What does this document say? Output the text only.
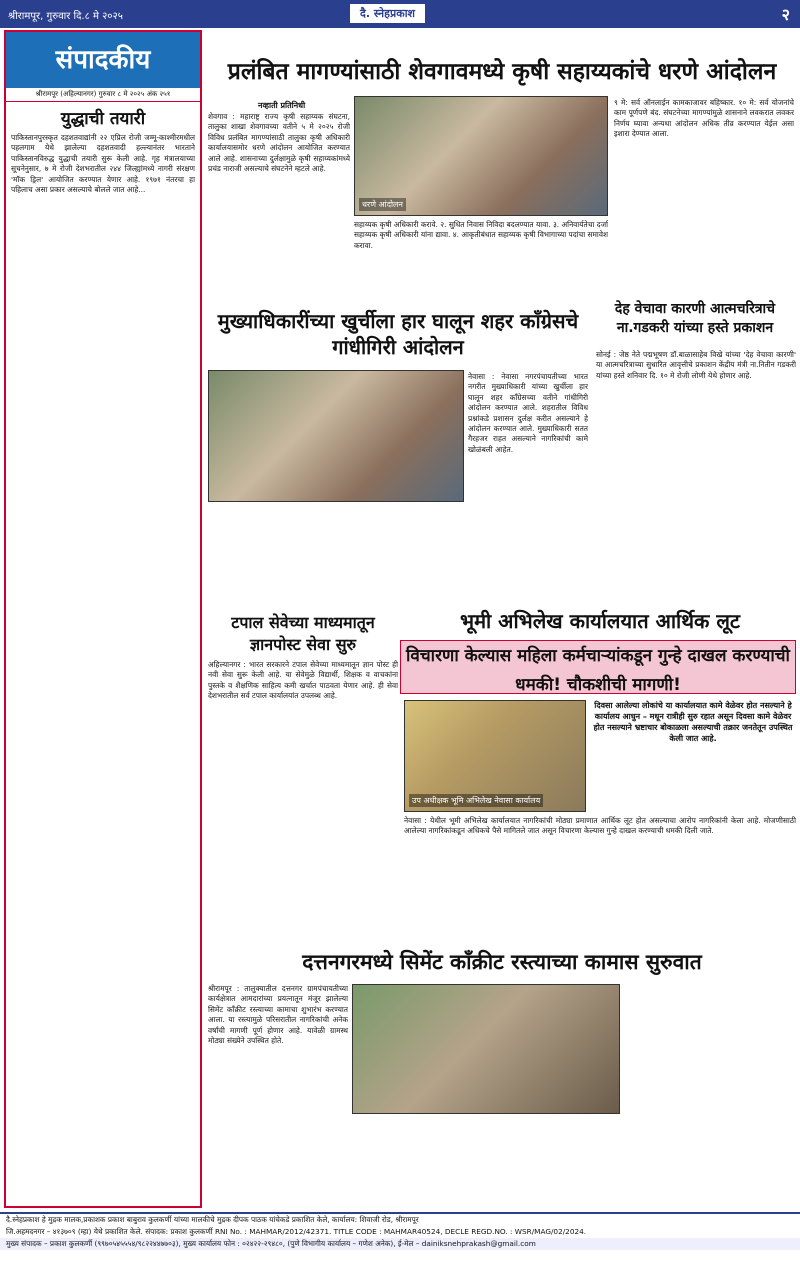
श्रीरामपूर, गुरुवार दि.८ मे २०२५	दै. स्नेहप्रकाश	२
संपादकीय
श्रीरामपूर (अहिल्यानगर) गुरुवार ८ मे २०२५ अंक २५१
युद्धाची तयारी
पाकिस्तानपुरस्कृत दहशतवाद्यांनी २२ एप्रिल रोजी जम्मू-काश्मीरमधील पहलगाम येथे झालेल्या दहशतवादी हल्ल्यानंतर भारताने पाकिस्तानविरुद्ध युद्धाची तयारी सुरू केली आहे. गृह मंत्रालयाच्या सूचनेनुसार, ७ मे रोजी देशभरातील २४४ जिल्ह्यांमध्ये नागरी संरक्षण 'मॉक ड्रिल' आयोजित करण्यात येणार आहे. १९७१ नंतरचा हा पहिलाच असा प्रकार असल्याचे बोलले जात आहे...
प्रलंबित मागण्यांसाठी शेवगावमध्ये कृषी सहाय्यकांचे धरणे आंदोलन
नव्हाती प्रतिनिधी
शेवगाव : महाराष्ट्र राज्य कृषी सहाय्यक संघटना, तालुका शाखा शेवगावच्या वतीने ५ मे २०२५ रोजी विविध प्रलंबित मागण्यांसाठी तालुका कृषी अधिकारी कार्यालयासमोर धरणे आंदोलन आयोजित करण्यात आले आहे. शासनाच्या दुर्लक्षामुळे कृषी सहाय्यकांमध्ये प्रचंड नाराजी असल्याचे संघटनेने म्हटले आहे.
धरणे आंदोलन
सहाय्यक कृषी अधिकारी करावे. २. सुधित निवास निविदा बदलण्यात यावा. ३. अनिवार्यतेचा दर्जा सहाय्यक कृषी अधिकारी यांना द्यावा. ४. आकृतीबंधात सहाय्यक कृषी विभागाच्या पदांचा समावेश करावा.
९ मे: सर्व ऑनलाईन कामकाजावर बहिष्कार. १० मे: सर्व योजनांचे काम पूर्णपणे बंद. संघटनेच्या मागण्यांमुळे शासनाने लवकरात लवकर निर्णय घ्यावा अन्यथा आंदोलन अधिक तीव्र करण्यात येईल असा इशारा देण्यात आला.
मुख्याधिकारींच्या खुर्चीला हार घालून शहर काँग्रेसचे गांधीगिरी आंदोलन
नेवासा : नेवासा नगरपंचायतीच्या भारत नगरीत मुख्याधिकारी यांच्या खुर्चीला हार घालून शहर काँग्रेसच्या वतीने गांधीगिरी आंदोलन करण्यात आले. शहरातील विविध प्रश्नांकडे प्रशासन दुर्लक्ष करीत असल्याने हे आंदोलन करण्यात आले. मुख्याधिकारी सतत गैरहजर राहत असल्याने नागरिकांची कामे खोळंबली आहेत.
देह वेचावा कारणी आत्मचरित्राचे ना.गडकरी यांच्या हस्ते प्रकाशन
सोनई : जेष्ठ नेते पद्मभूषण डॉ.बाळासाहेब विखे यांच्या 'देह वेचावा कारणी' या आत्मचरित्राच्या सुधारित आवृत्तीचे प्रकाशन केंद्रीय मंत्री ना.नितीन गडकरी यांच्या हस्ते शनिवार दि. १० मे रोजी लोणी येथे होणार आहे.
टपाल सेवेच्या माध्यमातून ज्ञानपोस्ट सेवा सुरु
अहिल्यानगर : भारत सरकारने टपाल सेवेच्या माध्यमातून ज्ञान पोस्ट ही नवी सेवा सुरू केली आहे. या सेवेमुळे विद्यार्थी, शिक्षक व वाचकांना पुस्तके व शैक्षणिक साहित्य कमी खर्चात पाठवता येणार आहे. ही सेवा देशभरातील सर्व टपाल कार्यालयांत उपलब्ध आहे.
भूमी अभिलेख कार्यालयात आर्थिक लूट
विचारणा केल्यास महिला कर्मचाऱ्यांकडून गुन्हे दाखल करण्याची धमकी! चौकशीची मागणी!
उप अधीक्षक भूमि अभिलेख नेवासा कार्यालय
दिवसा आलेल्या लोकांचे या कार्यालयात कामे वेळेवर होत नसल्याने हे कार्यालय आधुन – मधून रात्रीही सुरु रहात असून दिवसा कामे वेळेवर होत नसल्याने भ्रष्टाचार बोकाळला असल्याची तक्रार जनतेतून उपस्थित केली जात आहे.
नेवासा : येथील भूमी अभिलेख कार्यालयात नागरिकांची मोठ्या प्रमाणात आर्थिक लूट होत असल्याचा आरोप नागरिकांनी केला आहे. मोजणीसाठी आलेल्या नागरिकांकडून अधिकचे पैसे मागितले जात असून विचारणा केल्यास गुन्हे दाखल करण्याची धमकी दिली जाते.
दत्तनगरमध्ये सिमेंट काँक्रीट रस्त्याच्या कामास सुरुवात
श्रीरामपूर : तालुक्यातील दत्तनगर ग्रामपंचायतीच्या कार्यक्षेत्रात आमदारांच्या प्रयत्नातून मंजूर झालेल्या सिमेंट काँक्रीट रस्त्याच्या कामाचा शुभारंभ करण्यात आला. या रस्त्यामुळे परिसरातील नागरिकांची अनेक वर्षांची मागणी पूर्ण होणार आहे. यावेळी ग्रामस्थ मोठ्या संख्येने उपस्थित होते.
दै.स्नेहप्रकाश हे मुद्रक मालक,प्रकाशक प्रकाश बाबुराव कुलकर्णी यांच्या मालकीचे मुद्रक दीपक पाठक यांचेकडे प्रकाशित केले, कार्यालय: शिवाजी रोड, श्रीरामपूर
जि.अहमदनगर – ४१३७०९ (म्हा) येथे प्रकाशित केले. संपादक: प्रकाश कुलकर्णी RNI No. : MAHMAR/2012/42371. TITLE CODE : MAHMAR40524, DECLE REGD.NO. : WSR/MAG/02/2024.
मुख्य संपादक – प्रकाश कुलकर्णी (९९७०५४५५५४/९८२२४४७७०३), मुख्य कार्यालय फोन : ०२४२२-२९४८०, (पुणे विभागीय कार्यालय – गणेश अनेक), ई-मेल – dainiksnehprakash@gmail.com
